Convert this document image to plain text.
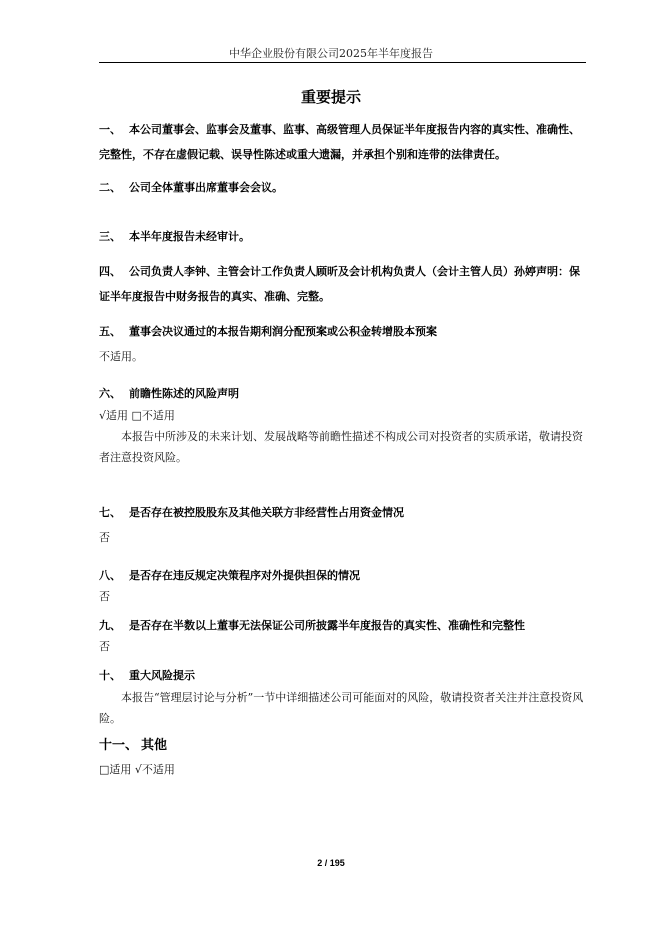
中华企业股份有限公司2025年半年度报告
重要提示
一、 本公司董事会、监事会及董事、监事、高级管理人员保证半年度报告内容的真实性、准确性、完整性，不存在虚假记载、误导性陈述或重大遗漏，并承担个别和连带的法律责任。
二、 公司全体董事出席董事会会议。
三、 本半年度报告未经审计。
四、 公司负责人李钟、主管会计工作负责人顾昕及会计机构负责人（会计主管人员）孙婷声明：保证半年度报告中财务报告的真实、准确、完整。
五、 董事会决议通过的本报告期利润分配预案或公积金转增股本预案
不适用。
六、 前瞻性陈述的风险声明
√适用 □不适用
本报告中所涉及的未来计划、发展战略等前瞻性描述不构成公司对投资者的实质承诺，敬请投资者注意投资风险。
七、 是否存在被控股股东及其他关联方非经营性占用资金情况
否
八、 是否存在违反规定决策程序对外提供担保的情况
否
九、 是否存在半数以上董事无法保证公司所披露半年度报告的真实性、准确性和完整性
否
十、 重大风险提示
本报告“管理层讨论与分析”一节中详细描述公司可能面对的风险，敬请投资者关注并注意投资风险。
十一、 其他
□适用 √不适用
2 / 195
